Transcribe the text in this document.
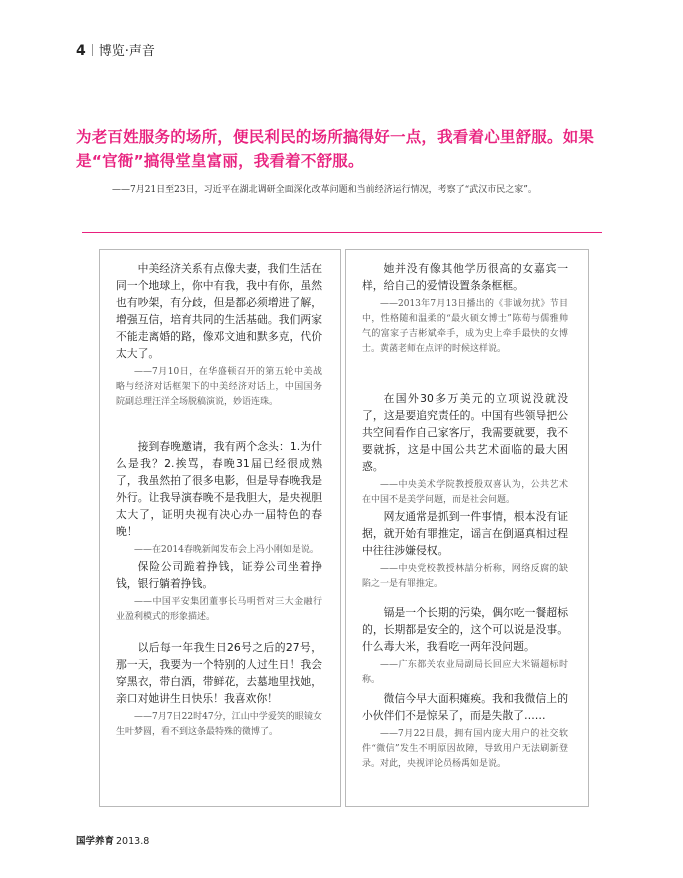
4 博览·声音
为老百姓服务的场所，便民利民的场所搞得好一点，我看着心里舒服。如果是“官衙”搞得堂皇富丽，我看着不舒服。
——7月21日至23日，习近平在湖北调研全面深化改革问题和当前经济运行情况，考察了“武汉市民之家”。
中美经济关系有点像夫妻，我们生活在同一个地球上，你中有我，我中有你，虽然也有吵架，有分歧，但是都必须增进了解，增强互信，培育共同的生活基础。我们两家不能走离婚的路，像邓文迪和默多克，代价太大了。
——7月10日，在华盛顿召开的第五轮中美战略与经济对话框架下的中美经济对话上，中国国务院副总理汪洋全场脱稿演说，妙语连珠。
接到春晚邀请，我有两个念头：1.为什么是我？2.挨骂，春晚31届已经很成熟了，我虽然拍了很多电影，但是导春晚我是外行。让我导演春晚不是我胆大，是央视胆太大了，证明央视有决心办一届特色的春晚！
——在2014春晚新闻发布会上冯小刚如是说。
保险公司跪着挣钱，证券公司坐着挣钱，银行躺着挣钱。
——中国平安集团董事长马明哲对三大金融行业盈利模式的形象描述。
以后每一年我生日26号之后的27号，那一天，我要为一个特别的人过生日！我会穿黑衣，带白酒，带鲜花，去墓地里找她，亲口对她讲生日快乐！我喜欢你！
——7月7日22时47分，江山中学爱笑的眼镜女生叶梦圆，看不到这条最特殊的微博了。
她并没有像其他学历很高的女嘉宾一样，给自己的爱情设置条条框框。
——2013年7月13日播出的《非诚勿扰》节目中，性格随和温柔的“最火硕女博士”陈荀与儒雅帅气的富家子吉彬斌牵手，成为史上牵手最快的女博士。黄菡老师在点评的时候这样说。
在国外30多万美元的立项说没就没了，这是要追究责任的。中国有些领导把公共空间看作自己家客厅，我需要就要，我不要就拆，这是中国公共艺术面临的最大困惑。
——中央美术学院教授殷双喜认为，公共艺术在中国不是美学问题，而是社会问题。
网友通常是抓到一件事情，根本没有证据，就开始有罪推定，谣言在倒逼真相过程中往往涉嫌侵权。
——中央党校教授林喆分析称，网络反腐的缺陷之一是有罪推定。
镉是一个长期的污染，偶尔吃一餐超标的，长期都是安全的，这个可以说是没事。什么毒大米，我看吃一两年没问题。
——广东都关农业局副局长回应大米镉超标时称。
微信今早大面积瘫痪。我和我微信上的小伙伴们不是惊呆了，而是失散了……
——7月22日晨，拥有国内庞大用户的社交软件“微信”发生不明原因故障，导致用户无法刷新登录。对此，央视评论员杨禹如是说。
国学养育 2013.8
